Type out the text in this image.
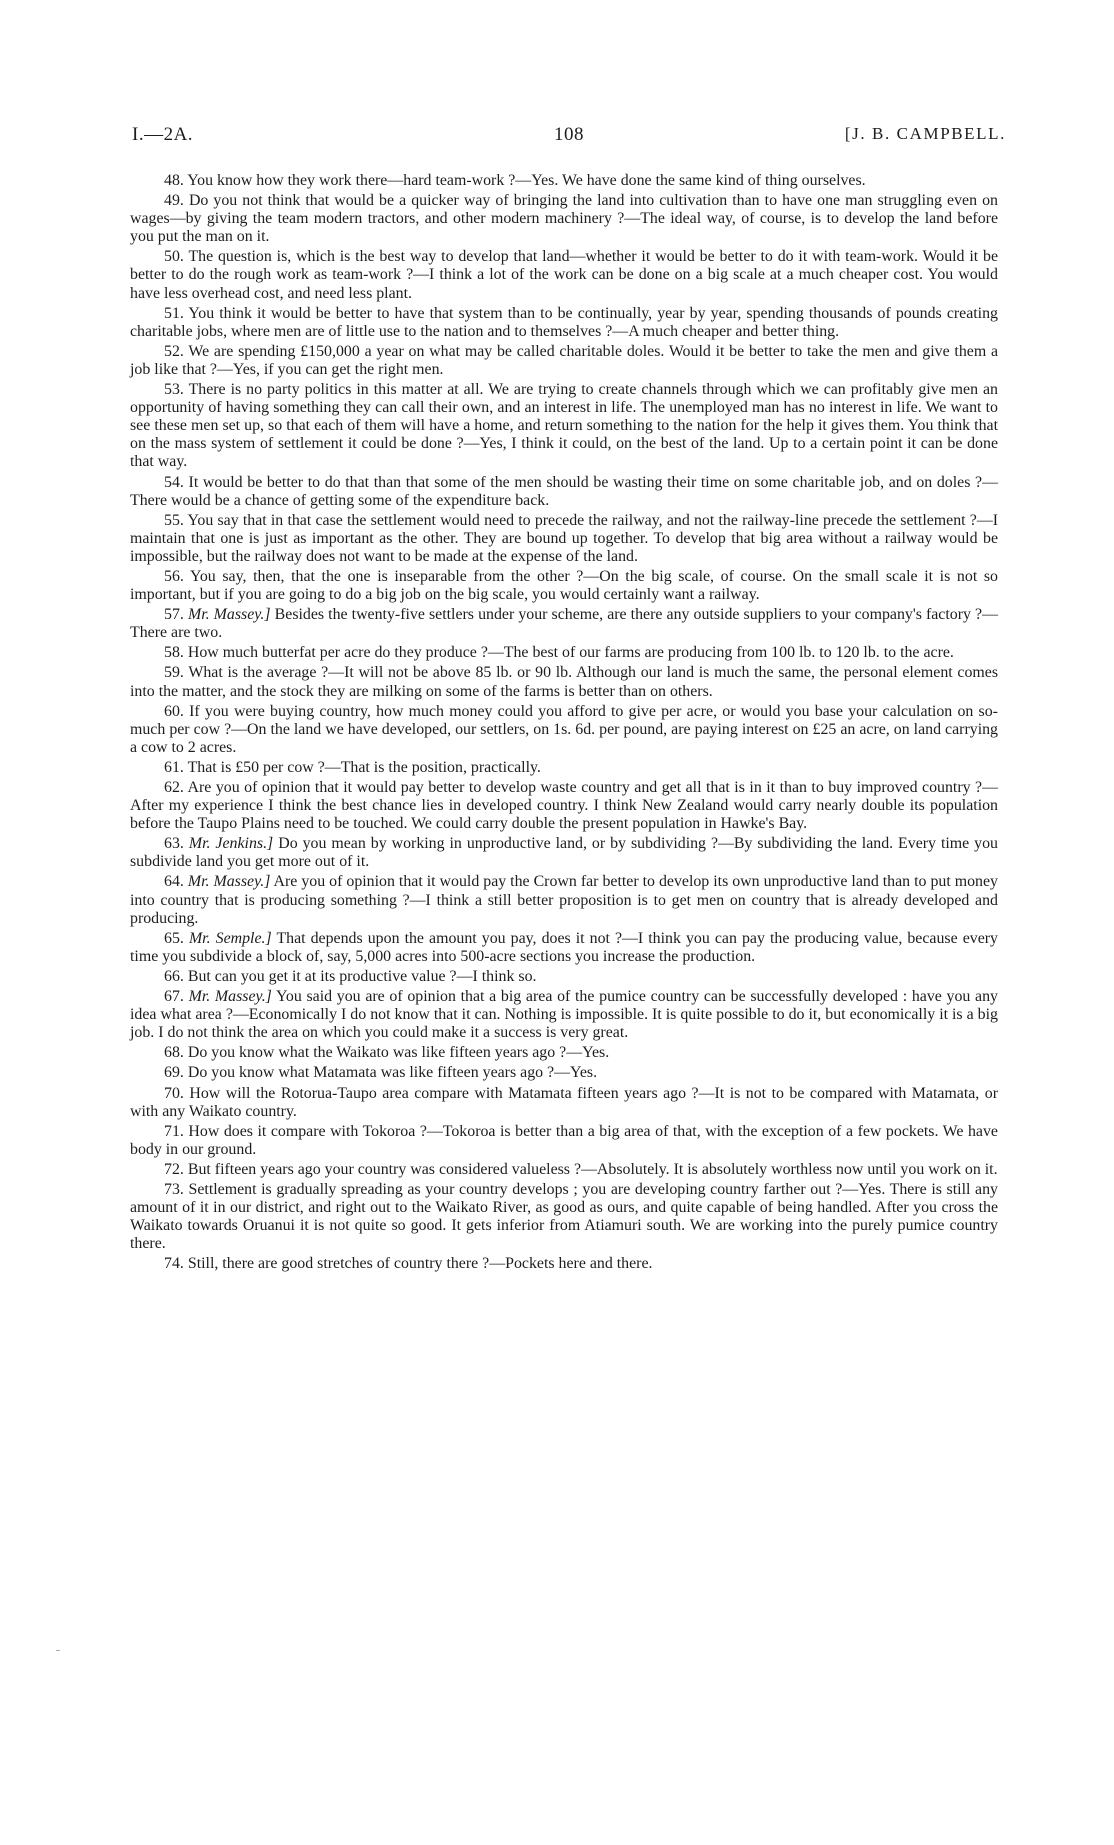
I.—2A.	108	[J. B. CAMPBELL.

48. You know how they work there—hard team-work ?—Yes. We have done the same kind of thing ourselves.

49. Do you not think that would be a quicker way of bringing the land into cultivation than to have one man struggling even on wages—by giving the team modern tractors, and other modern machinery ?—The ideal way, of course, is to develop the land before you put the man on it.

50. The question is, which is the best way to develop that land—whether it would be better to do it with team-work. Would it be better to do the rough work as team-work ?—I think a lot of the work can be done on a big scale at a much cheaper cost. You would have less overhead cost, and need less plant.

51. You think it would be better to have that system than to be continually, year by year, spending thousands of pounds creating charitable jobs, where men are of little use to the nation and to themselves ?—A much cheaper and better thing.

52. We are spending £150,000 a year on what may be called charitable doles. Would it be better to take the men and give them a job like that ?—Yes, if you can get the right men.

53. There is no party politics in this matter at all. We are trying to create channels through which we can profitably give men an opportunity of having something they can call their own, and an interest in life. The unemployed man has no interest in life. We want to see these men set up, so that each of them will have a home, and return something to the nation for the help it gives them. You think that on the mass system of settlement it could be done ?—Yes, I think it could, on the best of the land. Up to a certain point it can be done that way.

54. It would be better to do that than that some of the men should be wasting their time on some charitable job, and on doles ?—There would be a chance of getting some of the expenditure back.

55. You say that in that case the settlement would need to precede the railway, and not the railway-line precede the settlement ?—I maintain that one is just as important as the other. They are bound up together. To develop that big area without a railway would be impossible, but the railway does not want to be made at the expense of the land.

56. You say, then, that the one is inseparable from the other ?—On the big scale, of course. On the small scale it is not so important, but if you are going to do a big job on the big scale, you would certainly want a railway.

57. Mr. Massey.] Besides the twenty-five settlers under your scheme, are there any outside suppliers to your company's factory ?—There are two.

58. How much butterfat per acre do they produce ?—The best of our farms are producing from 100 lb. to 120 lb. to the acre.

59. What is the average ?—It will not be above 85 lb. or 90 lb. Although our land is much the same, the personal element comes into the matter, and the stock they are milking on some of the farms is better than on others.

60. If you were buying country, how much money could you afford to give per acre, or would you base your calculation on so-much per cow ?—On the land we have developed, our settlers, on 1s. 6d. per pound, are paying interest on £25 an acre, on land carrying a cow to 2 acres.

61. That is £50 per cow ?—That is the position, practically.

62. Are you of opinion that it would pay better to develop waste country and get all that is in it than to buy improved country ?—After my experience I think the best chance lies in developed country. I think New Zealand would carry nearly double its population before the Taupo Plains need to be touched. We could carry double the present population in Hawke's Bay.

63. Mr. Jenkins.] Do you mean by working in unproductive land, or by subdividing ?—By subdividing the land. Every time you subdivide land you get more out of it.

64. Mr. Massey.] Are you of opinion that it would pay the Crown far better to develop its own unproductive land than to put money into country that is producing something ?—I think a still better proposition is to get men on country that is already developed and producing.

65. Mr. Semple.] That depends upon the amount you pay, does it not ?—I think you can pay the producing value, because every time you subdivide a block of, say, 5,000 acres into 500-acre sections you increase the production.

66. But can you get it at its productive value ?—I think so.

67. Mr. Massey.] You said you are of opinion that a big area of the pumice country can be successfully developed : have you any idea what area ?—Economically I do not know that it can. Nothing is impossible. It is quite possible to do it, but economically it is a big job. I do not think the area on which you could make it a success is very great.

68. Do you know what the Waikato was like fifteen years ago ?—Yes.

69. Do you know what Matamata was like fifteen years ago ?—Yes.

70. How will the Rotorua-Taupo area compare with Matamata fifteen years ago ?—It is not to be compared with Matamata, or with any Waikato country.

71. How does it compare with Tokoroa ?—Tokoroa is better than a big area of that, with the exception of a few pockets. We have body in our ground.

72. But fifteen years ago your country was considered valueless ?—Absolutely. It is absolutely worthless now until you work on it.

73. Settlement is gradually spreading as your country develops ; you are developing country farther out ?—Yes. There is still any amount of it in our district, and right out to the Waikato River, as good as ours, and quite capable of being handled. After you cross the Waikato towards Oruanui it is not quite so good. It gets inferior from Atiamuri south. We are working into the purely pumice country there.

74. Still, there are good stretches of country there ?—Pockets here and there.
